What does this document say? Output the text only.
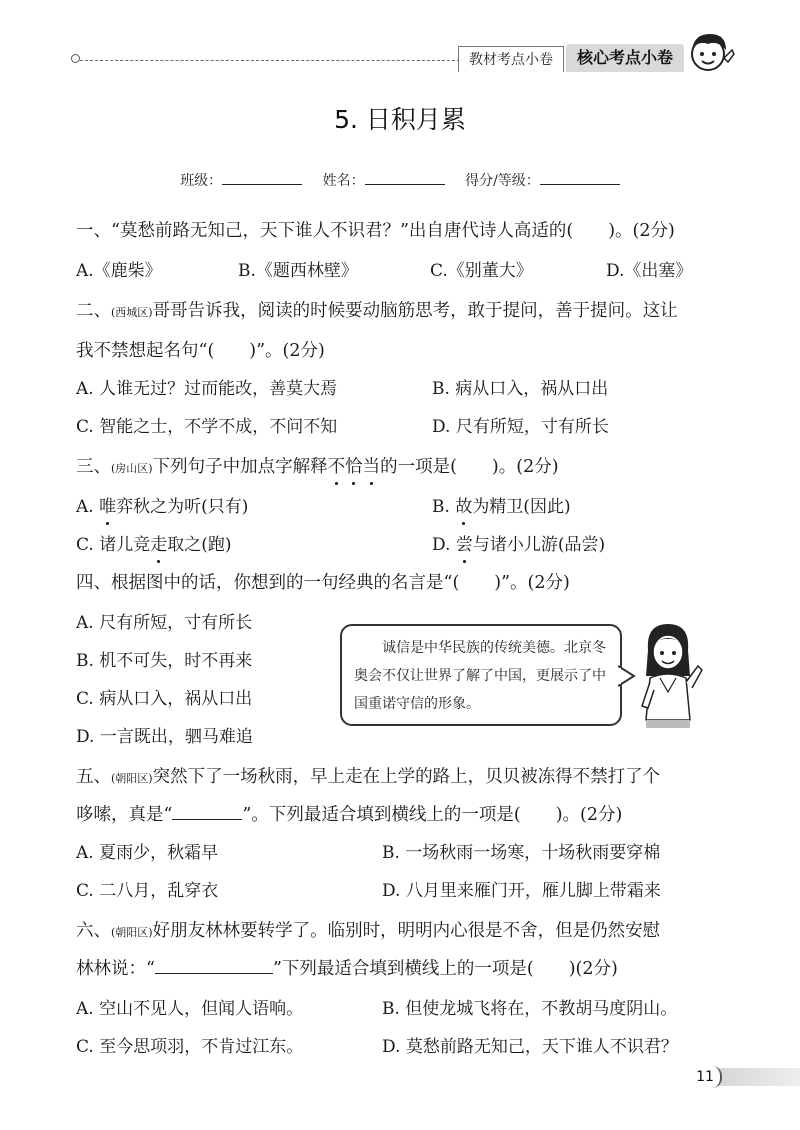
教材考点小卷	核心考点小卷
5. 日积月累
班级：	姓名：	得分/等级：
一、“莫愁前路无知己，天下谁人不识君？”出自唐代诗人高适的(　　)。(2分)
A.《鹿柴》	B.《题西林壁》	C.《别董大》	D.《出塞》
二、(西城区)哥哥告诉我，阅读的时候要动脑筋思考，敢于提问，善于提问。这让
我不禁想起名句“(　　)”。(2分)
A. 人谁无过？过而能改，善莫大焉	B. 病从口入，祸从口出
C. 智能之士，不学不成，不问不知	D. 尺有所短，寸有所长
三、(房山区)下列句子中加点字解释不恰当的一项是(　　)。(2分)
A. 唯弈秋之为听(只有)	B. 故为精卫(因此)
C. 诸儿竞走取之(跑)	D. 尝与诸小儿游(品尝)
四、根据图中的话，你想到的一句经典的名言是“(　　)”。(2分)
A. 尺有所短，寸有所长
B. 机不可失，时不再来
C. 病从口入，祸从口出
D. 一言既出，驷马难追
诚信是中华民族的传统美德。北京冬奥会不仅让世界了解了中国，更展示了中国重诺守信的形象。
五、(朝阳区)突然下了一场秋雨，早上走在上学的路上，贝贝被冻得不禁打了个
哆嗦，真是“	”。下列最适合填到横线上的一项是(　　)。(2分)
A. 夏雨少，秋霜早	B. 一场秋雨一场寒，十场秋雨要穿棉
C. 二八月，乱穿衣	D. 八月里来雁门开，雁儿脚上带霜来
六、(朝阳区)好朋友林林要转学了。临别时，明明内心很是不舍，但是仍然安慰
林林说：“	”下列最适合填到横线上的一项是(　　)(2分)
A. 空山不见人，但闻人语响。	B. 但使龙城飞将在，不教胡马度阴山。
C. 至今思项羽，不肯过江东。	D. 莫愁前路无知己，天下谁人不识君？
11
